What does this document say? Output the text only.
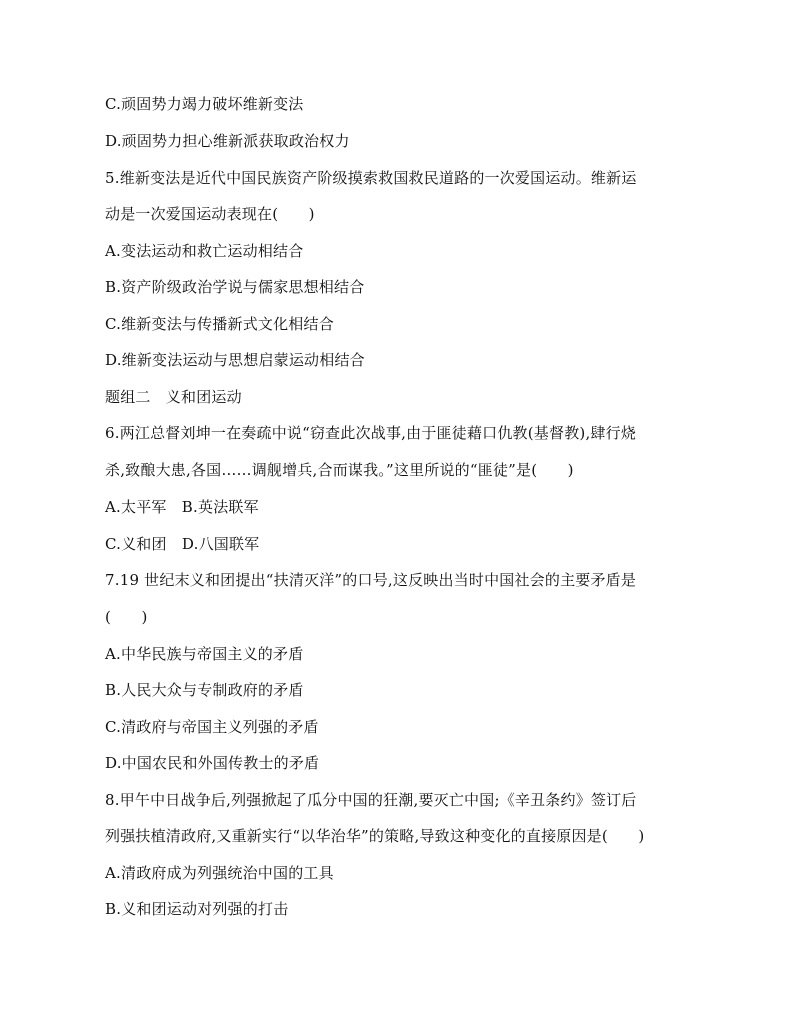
C.顽固势力竭力破坏维新变法
D.顽固势力担心维新派获取政治权力
5.维新变法是近代中国民族资产阶级摸索救国救民道路的一次爱国运动。维新运
动是一次爱国运动表现在(　　)
A.变法运动和救亡运动相结合
B.资产阶级政治学说与儒家思想相结合
C.维新变法与传播新式文化相结合
D.维新变法运动与思想启蒙运动相结合
题组二　义和团运动
6.两江总督刘坤一在奏疏中说“窃查此次战事,由于匪徒藉口仇教(基督教),肆行烧
杀,致酿大患,各国……调舰增兵,合而谋我。”这里所说的“匪徒”是(　　)
A.太平军　B.英法联军
C.义和团　D.八国联军
7.19 世纪末义和团提出“扶清灭洋”的口号,这反映出当时中国社会的主要矛盾是
(　　)
A.中华民族与帝国主义的矛盾
B.人民大众与专制政府的矛盾
C.清政府与帝国主义列强的矛盾
D.中国农民和外国传教士的矛盾
8.甲午中日战争后,列强掀起了瓜分中国的狂潮,要灭亡中国;《辛丑条约》签订后
列强扶植清政府,又重新实行“以华治华”的策略,导致这种变化的直接原因是(　　)
A.清政府成为列强统治中国的工具
B.义和团运动对列强的打击
